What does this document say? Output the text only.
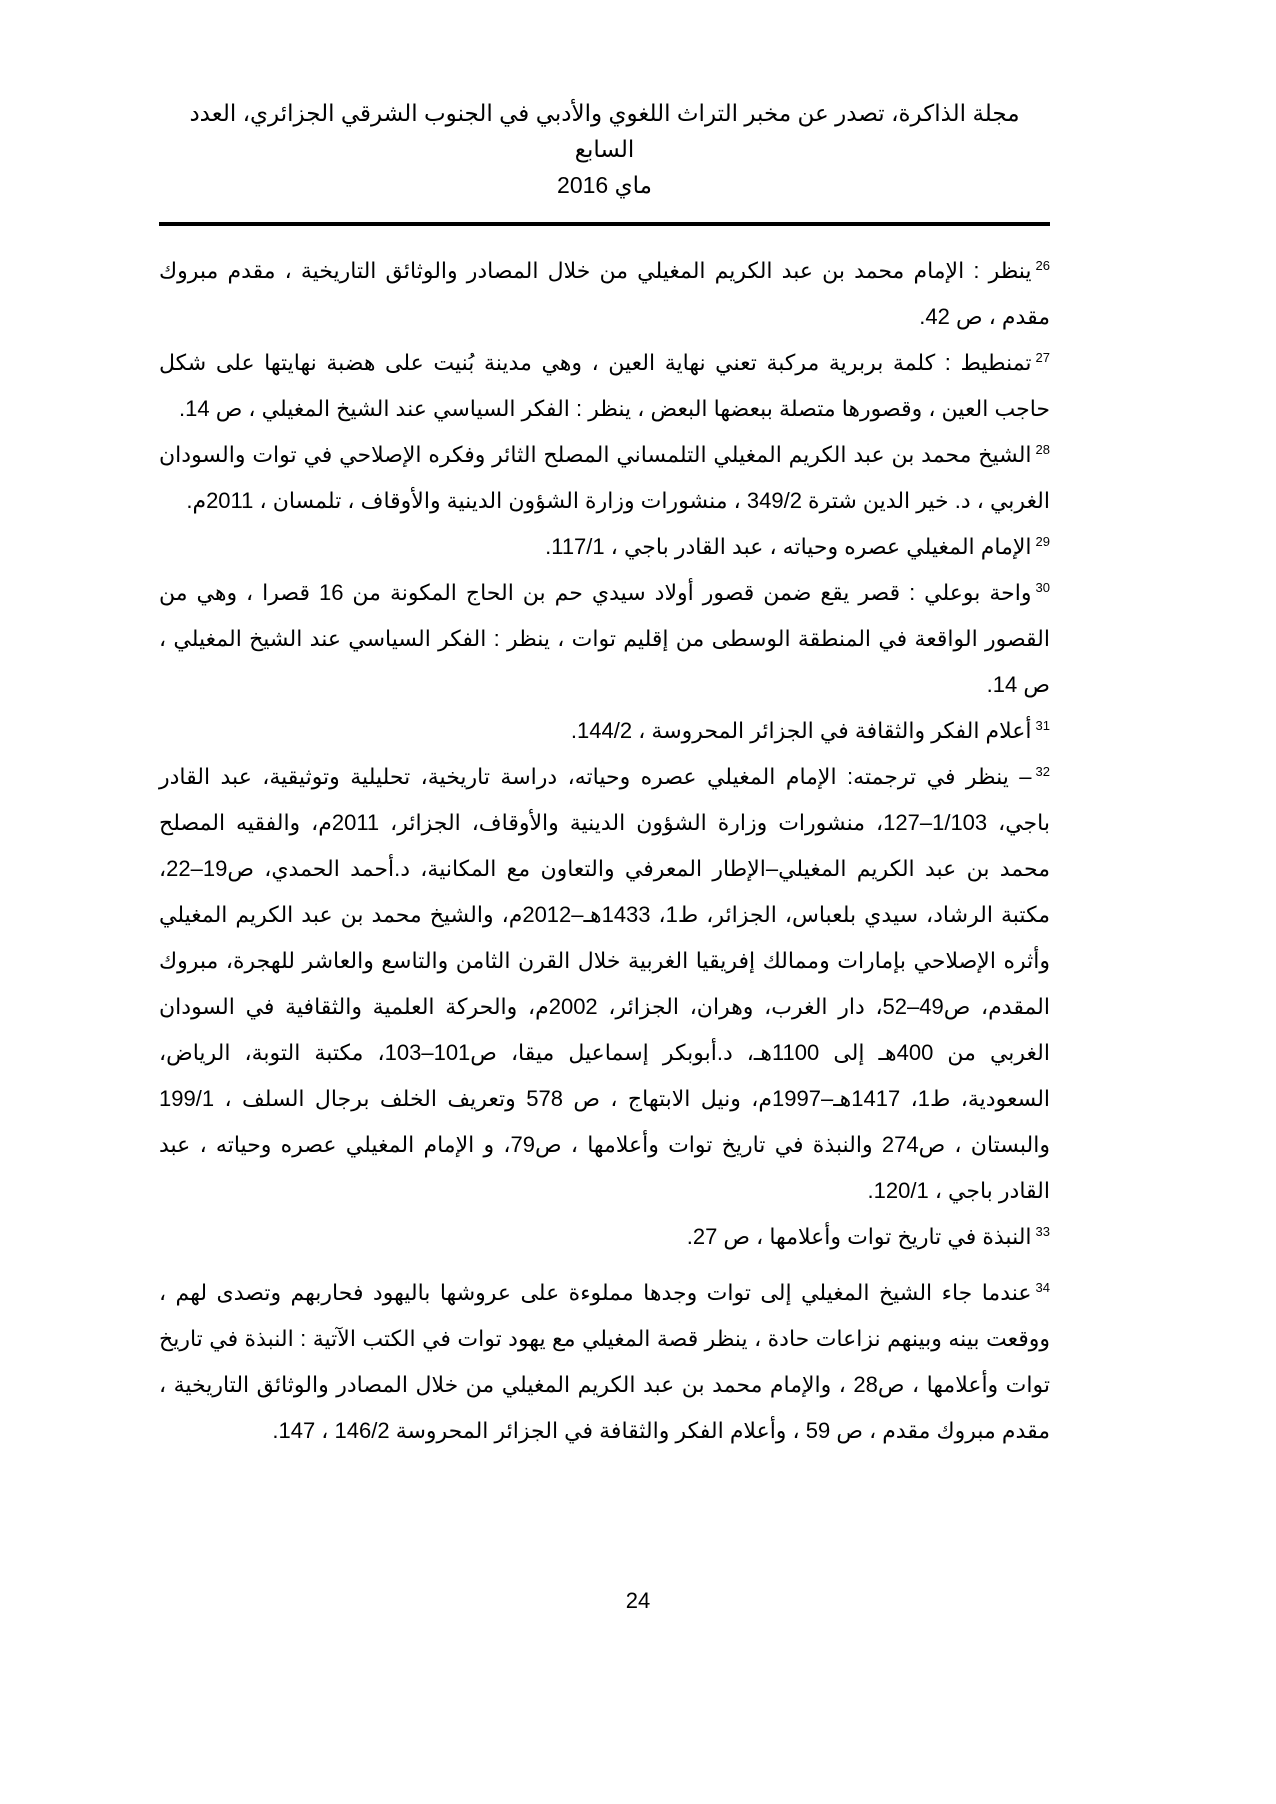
مجلة الذاكرة، تصدر عن مخبر التراث اللغوي والأدبي في الجنوب الشرقي الجزائري، العدد السابع
ماي 2016

$^{26}$ينظر : الإمام محمد بن عبد الكريم المغيلي من خلال المصادر والوثائق التاريخية ، مقدم مبروك مقدم ، ص 42.

$^{27}$تمنطيط : كلمة بربرية مركبة تعني نهاية العين ، وهي مدينة بُنيت على هضبة نهايتها على شكل حاجب العين ، وقصورها متصلة ببعضها البعض ، ينظر : الفكر السياسي عند الشيخ المغيلي ، ص 14.

$^{28}$الشيخ محمد بن عبد الكريم المغيلي التلمساني المصلح الثائر وفكره الإصلاحي في توات والسودان الغربي ، د. خير الدين شترة 349/2 ، منشورات وزارة الشؤون الدينية والأوقاف ، تلمسان ، 2011م.

$^{29}$الإمام المغيلي عصره وحياته ، عبد القادر باجي ، 117/1.

$^{30}$واحة بوعلي : قصر يقع ضمن قصور أولاد سيدي حم بن الحاج المكونة من 16 قصرا ، وهي من القصور الواقعة في المنطقة الوسطى من إقليم توات ، ينظر : الفكر السياسي عند الشيخ المغيلي ، ص 14.

$^{31}$أعلام الفكر والثقافة في الجزائر المحروسة ، 144/2.

$^{32}$– ينظر في ترجمته: الإمام المغيلي عصره وحياته، دراسة تاريخية، تحليلية وتوثيقية، عبد القادر باجي، 1/103–127، منشورات وزارة الشؤون الدينية والأوقاف، الجزائر، 2011م، والفقيه المصلح محمد بن عبد الكريم المغيلي–الإطار المعرفي والتعاون مع المكانية، د.أحمد الحمدي، ص19–22، مكتبة الرشاد، سيدي بلعباس، الجزائر، ط1، 1433هـ–2012م، والشيخ محمد بن عبد الكريم المغيلي وأثره الإصلاحي بإمارات وممالك إفريقيا الغربية خلال القرن الثامن والتاسع والعاشر للهجرة، مبروك المقدم، ص49–52، دار الغرب، وهران، الجزائر، 2002م، والحركة العلمية والثقافية في السودان الغربي من 400هـ إلى 1100هـ، د.أبوبكر إسماعيل ميقا، ص101–103، مكتبة التوبة، الرياض، السعودية، ط1، 1417هـ–1997م، ونيل الابتهاج ، ص 578 وتعريف الخلف برجال السلف ، 199/1 والبستان ، ص274 والنبذة في تاريخ توات وأعلامها ، ص79، و الإمام المغيلي عصره وحياته ، عبد القادر باجي ، 120/1.

$^{33}$النبذة في تاريخ توات وأعلامها ، ص 27.

$^{34}$عندما جاء الشيخ المغيلي إلى توات وجدها مملوءة على عروشها باليهود فحاربهم وتصدى لهم ، ووقعت بينه وبينهم نزاعات حادة ، ينظر قصة المغيلي مع يهود توات في الكتب الآتية : النبذة في تاريخ توات وأعلامها ، ص28 ، والإمام محمد بن عبد الكريم المغيلي من خلال المصادر والوثائق التاريخية ، مقدم مبروك مقدم ، ص 59 ، وأعلام الفكر والثقافة في الجزائر المحروسة 146/2 ، 147.

24
